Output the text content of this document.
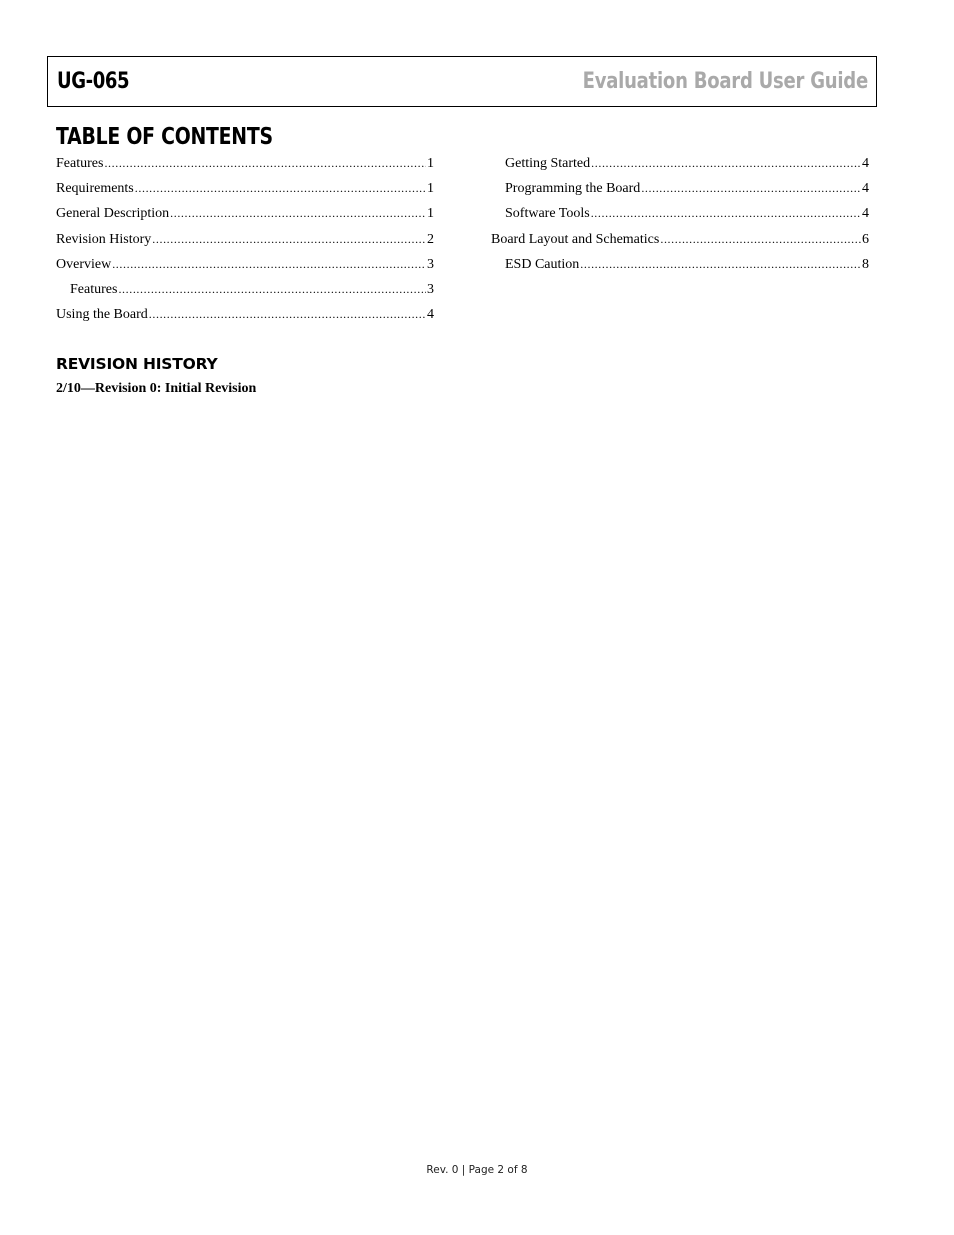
UG-065	Evaluation Board User Guide
TABLE OF CONTENTS
Features .....	1
Requirements .....	1
General Description .....	1
Revision History .....	2
Overview .....	3
Features .....	3
Using the Board .....	4
Getting Started .....	4
Programming the Board .....	4
Software Tools .....	4
Board Layout and Schematics .....	6
ESD Caution .....	8
REVISION HISTORY
2/10—Revision 0: Initial Revision
Rev. 0 | Page 2 of 8
